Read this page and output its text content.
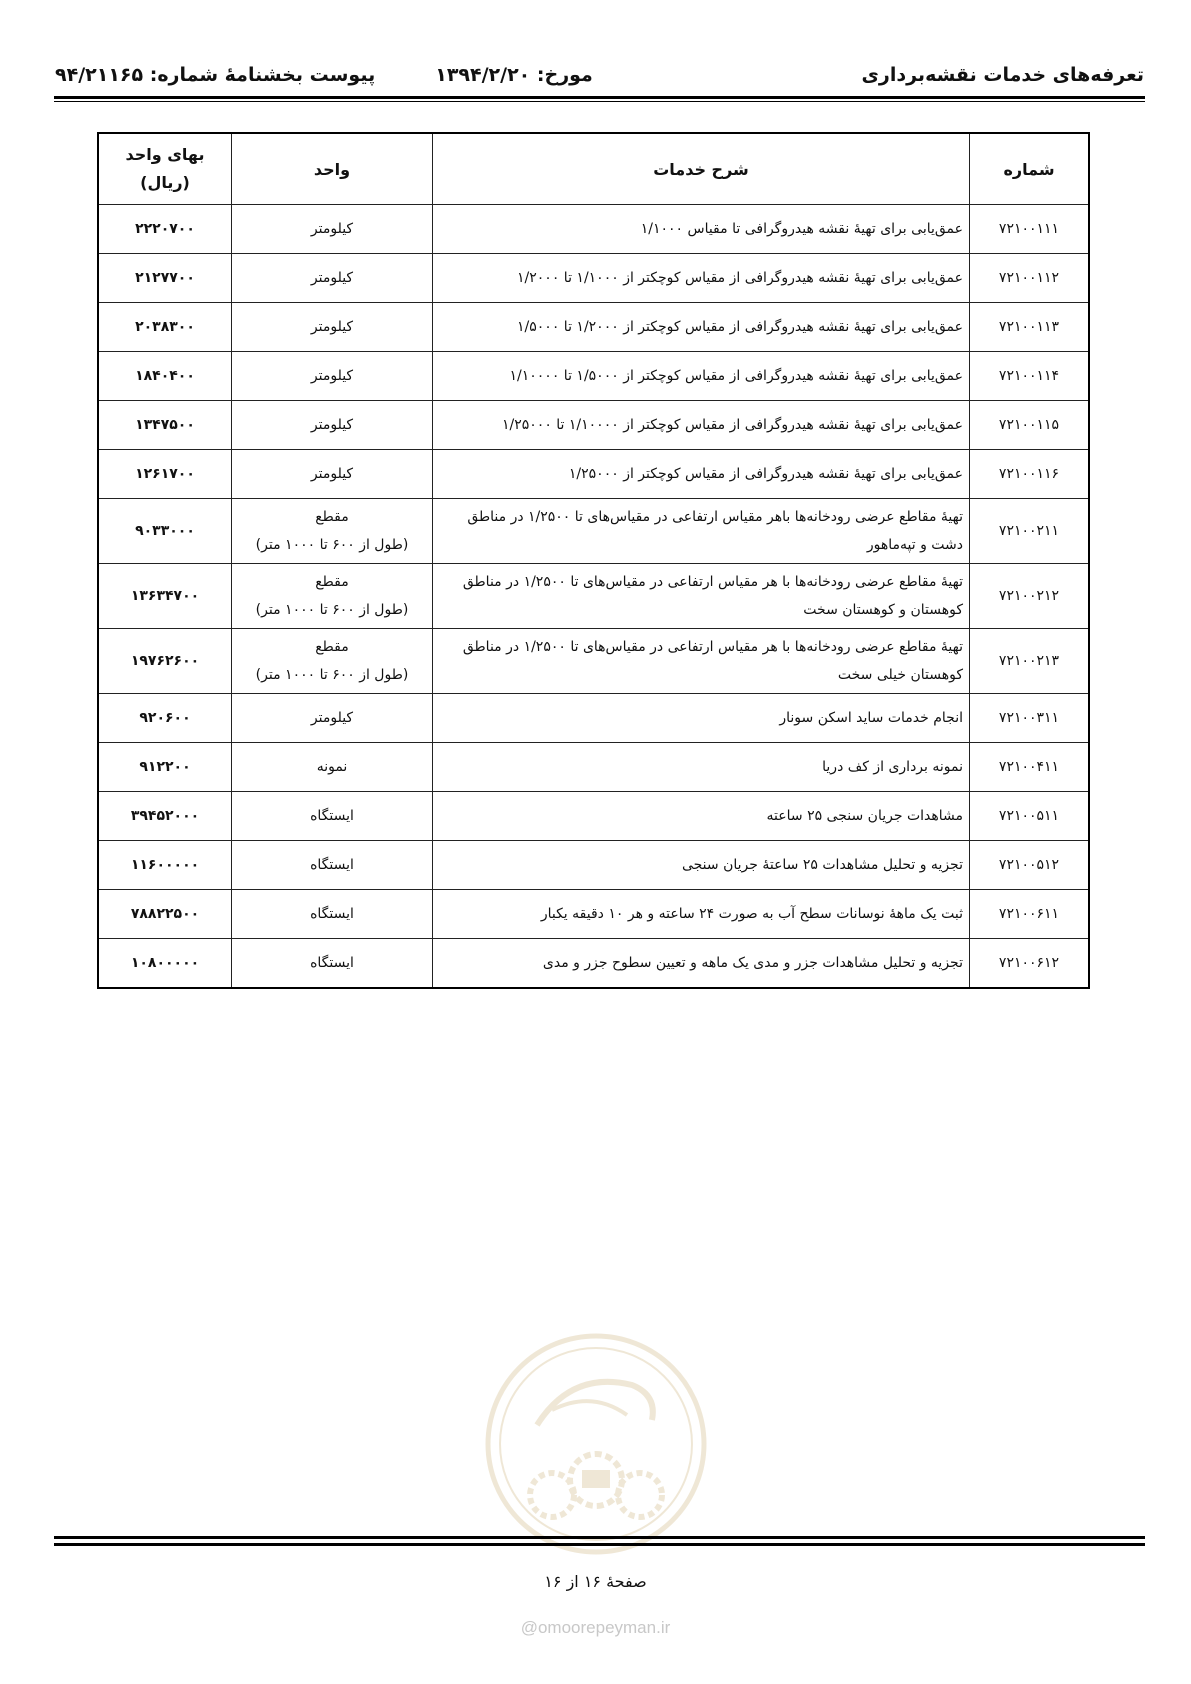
مورخ: ۱۳۹۴/۲/۲۰
پیوست بخشنامهٔ شماره: ۹۴/۲۱۱۶۵	تعرفه‌های خدمات نقشه‌برداری
شماره	شرح خدمات	واحد	بهای واحد
(ریال)

۷۲۱۰۰۱۱۱	عمق‌یابی برای تهیهٔ نقشه هیدروگرافی تا مقیاس ۱/۱۰۰۰	کیلومتر	۲۲۲۰۷۰۰
۷۲۱۰۰۱۱۲	عمق‌یابی برای تهیهٔ نقشه هیدروگرافی از مقیاس کوچکتر از ۱/۱۰۰۰ تا ۱/۲۰۰۰	کیلومتر	۲۱۲۷۷۰۰
۷۲۱۰۰۱۱۳	عمق‌یابی برای تهیهٔ نقشه هیدروگرافی از مقیاس کوچکتر از ۱/۲۰۰۰ تا ۱/۵۰۰۰	کیلومتر	۲۰۳۸۳۰۰
۷۲۱۰۰۱۱۴	عمق‌یابی برای تهیهٔ نقشه هیدروگرافی از مقیاس کوچکتر از ۱/۵۰۰۰ تا ۱/۱۰۰۰۰	کیلومتر	۱۸۴۰۴۰۰
۷۲۱۰۰۱۱۵	عمق‌یابی برای تهیهٔ نقشه هیدروگرافی از مقیاس کوچکتر از ۱/۱۰۰۰۰ تا ۱/۲۵۰۰۰	کیلومتر	۱۳۴۷۵۰۰
۷۲۱۰۰۱۱۶	عمق‌یابی برای تهیهٔ نقشه هیدروگرافی از مقیاس کوچکتر از ۱/۲۵۰۰۰	کیلومتر	۱۲۶۱۷۰۰
۷۲۱۰۰۲۱۱	تهیهٔ مقاطع عرضی رودخانه‌ها باهر مقیاس ارتفاعی در مقیاس‌های تا ۱/۲۵۰۰ در مناطق دشت و تپه‌ماهور	مقطع
(طول از ۶۰۰ تا ۱۰۰۰ متر)	۹۰۳۳۰۰۰
۷۲۱۰۰۲۱۲	تهیهٔ مقاطع عرضی رودخانه‌ها با هر مقیاس ارتفاعی در مقیاس‌های تا ۱/۲۵۰۰ در مناطق کوهستان و کوهستان سخت	مقطع
(طول از ۶۰۰ تا ۱۰۰۰ متر)	۱۳۶۳۴۷۰۰
۷۲۱۰۰۲۱۳	تهیهٔ مقاطع عرضی رودخانه‌ها با هر مقیاس ارتفاعی در مقیاس‌های تا ۱/۲۵۰۰ در مناطق کوهستان خیلی سخت	مقطع
(طول از ۶۰۰ تا ۱۰۰۰ متر)	۱۹۷۶۲۶۰۰
۷۲۱۰۰۳۱۱	انجام خدمات ساید اسکن سونار	کیلومتر	۹۲۰۶۰۰
۷۲۱۰۰۴۱۱	نمونه برداری از کف دریا	نمونه	۹۱۲۲۰۰
۷۲۱۰۰۵۱۱	مشاهدات جریان سنجی ۲۵ ساعته	ایستگاه	۳۹۴۵۲۰۰۰
۷۲۱۰۰۵۱۲	تجزیه و تحلیل مشاهدات ۲۵ ساعتهٔ جریان سنجی	ایستگاه	۱۱۶۰۰۰۰۰
۷۲۱۰۰۶۱۱	ثبت یک ماههٔ نوسانات سطح آب به صورت ۲۴ ساعته و هر ۱۰ دقیقه یکبار	ایستگاه	۷۸۸۲۲۵۰۰
۷۲۱۰۰۶۱۲	تجزیه و تحلیل مشاهدات جزر و مدی یک ماهه و تعیین سطوح جزر و مدی	ایستگاه	۱۰۸۰۰۰۰۰
صفحهٔ ۱۶ از ۱۶
@omoorepeyman.ir
